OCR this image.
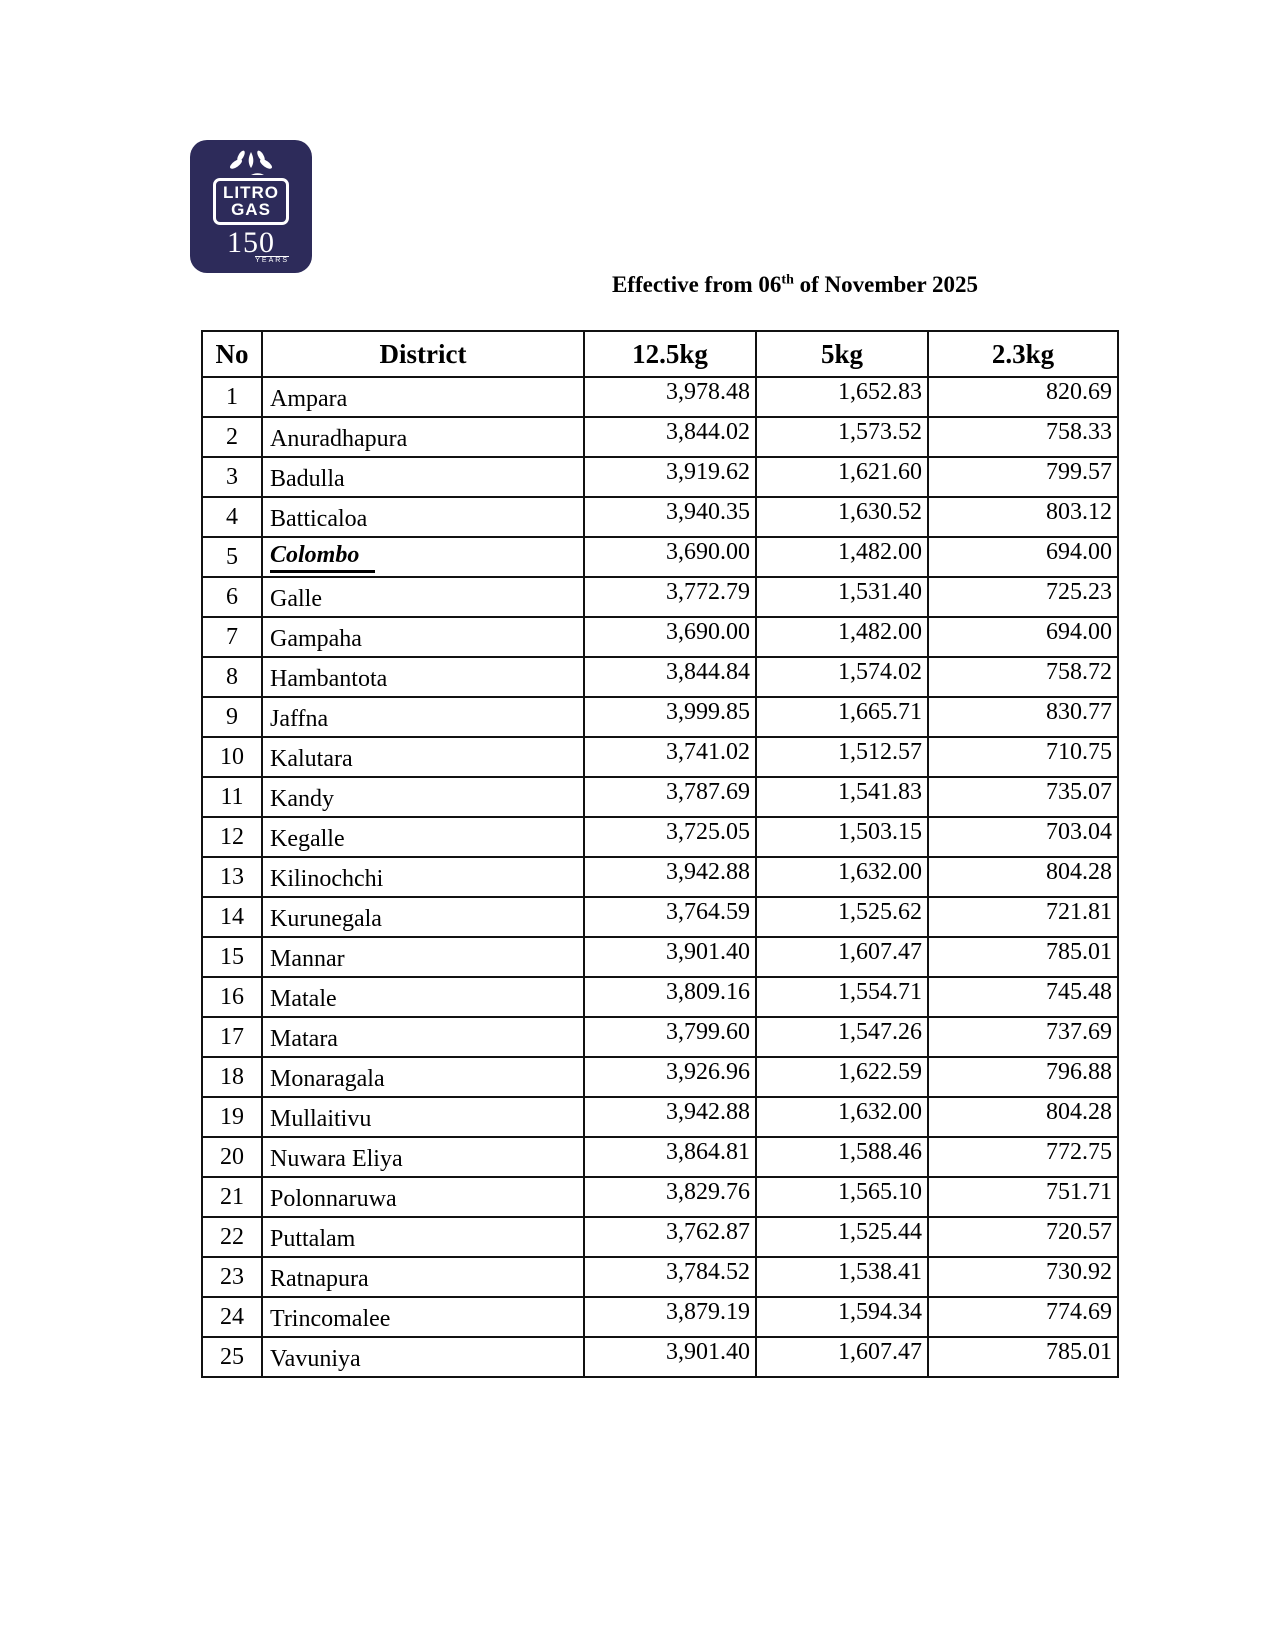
LITRO
GAS
150
YEARS
Effective from 06th of November 2025
No	District	12.5kg	5kg	2.3kg
1	Ampara	3,978.48	1,652.83	820.69
2	Anuradhapura	3,844.02	1,573.52	758.33
3	Badulla	3,919.62	1,621.60	799.57
4	Batticaloa	3,940.35	1,630.52	803.12
5	Colombo	3,690.00	1,482.00	694.00
6	Galle	3,772.79	1,531.40	725.23
7	Gampaha	3,690.00	1,482.00	694.00
8	Hambantota	3,844.84	1,574.02	758.72
9	Jaffna	3,999.85	1,665.71	830.77
10	Kalutara	3,741.02	1,512.57	710.75
11	Kandy	3,787.69	1,541.83	735.07
12	Kegalle	3,725.05	1,503.15	703.04
13	Kilinochchi	3,942.88	1,632.00	804.28
14	Kurunegala	3,764.59	1,525.62	721.81
15	Mannar	3,901.40	1,607.47	785.01
16	Matale	3,809.16	1,554.71	745.48
17	Matara	3,799.60	1,547.26	737.69
18	Monaragala	3,926.96	1,622.59	796.88
19	Mullaitivu	3,942.88	1,632.00	804.28
20	Nuwara Eliya	3,864.81	1,588.46	772.75
21	Polonnaruwa	3,829.76	1,565.10	751.71
22	Puttalam	3,762.87	1,525.44	720.57
23	Ratnapura	3,784.52	1,538.41	730.92
24	Trincomalee	3,879.19	1,594.34	774.69
25	Vavuniya	3,901.40	1,607.47	785.01
